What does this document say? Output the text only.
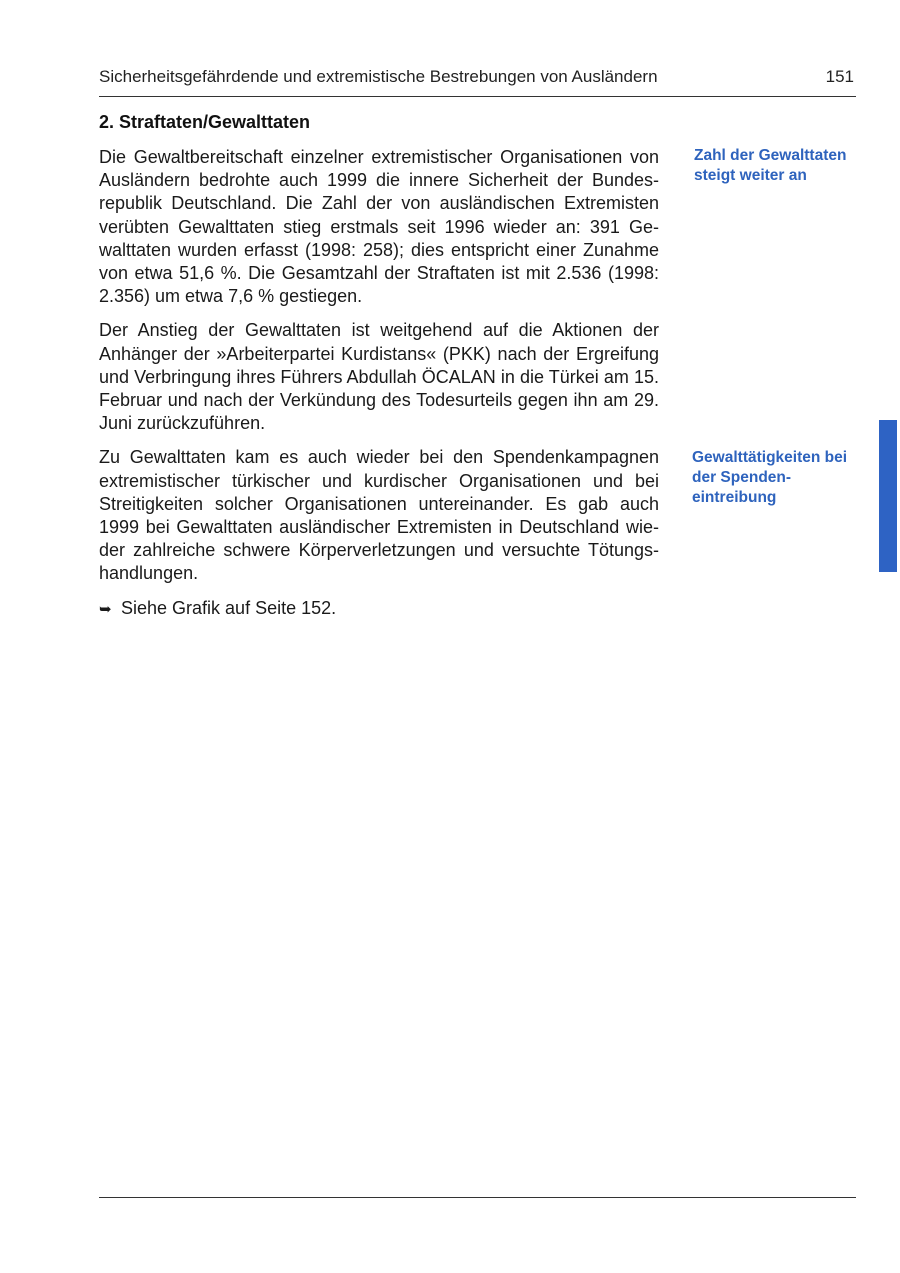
Sicherheitsgefährdende und extremistische Bestrebungen von Ausländern	151
2. Straftaten/Gewalttaten

Die Gewaltbereitschaft einzelner extremistischer Organisationen von Ausländern bedrohte auch 1999 die innere Sicherheit der Bundesrepublik Deutschland. Die Zahl der von ausländischen Extremisten verübten Gewalttaten stieg erstmals seit 1996 wieder an: 391 Gewalttaten wurden erfasst (1998: 258); dies entspricht einer Zunahme von etwa 51,6 %. Die Gesamtzahl der Straftaten ist mit 2.536 (1998: 2.356) um etwa 7,6 % gestiegen.

Der Anstieg der Gewalttaten ist weitgehend auf die Aktionen der Anhänger der »Arbeiterpartei Kurdistans« (PKK) nach der Ergreifung und Verbringung ihres Führers Abdullah ÖCALAN in die Türkei am 15. Februar und nach der Verkündung des Todesurteils gegen ihn am 29. Juni zurückzuführen.

Zu Gewalttaten kam es auch wieder bei den Spendenkampagnen extremistischer türkischer und kurdischer Organisationen und bei Streitigkeiten solcher Organisationen untereinander. Es gab auch 1999 bei Gewalttaten ausländischer Extremisten in Deutschland wieder zahlreiche schwere Körperverletzungen und versuchte Tötungshandlungen.

➥ Siehe Grafik auf Seite 152.

Zahl der Gewalttaten steigt weiter an
Gewalttätigkeiten bei der Spendeneintreibung
